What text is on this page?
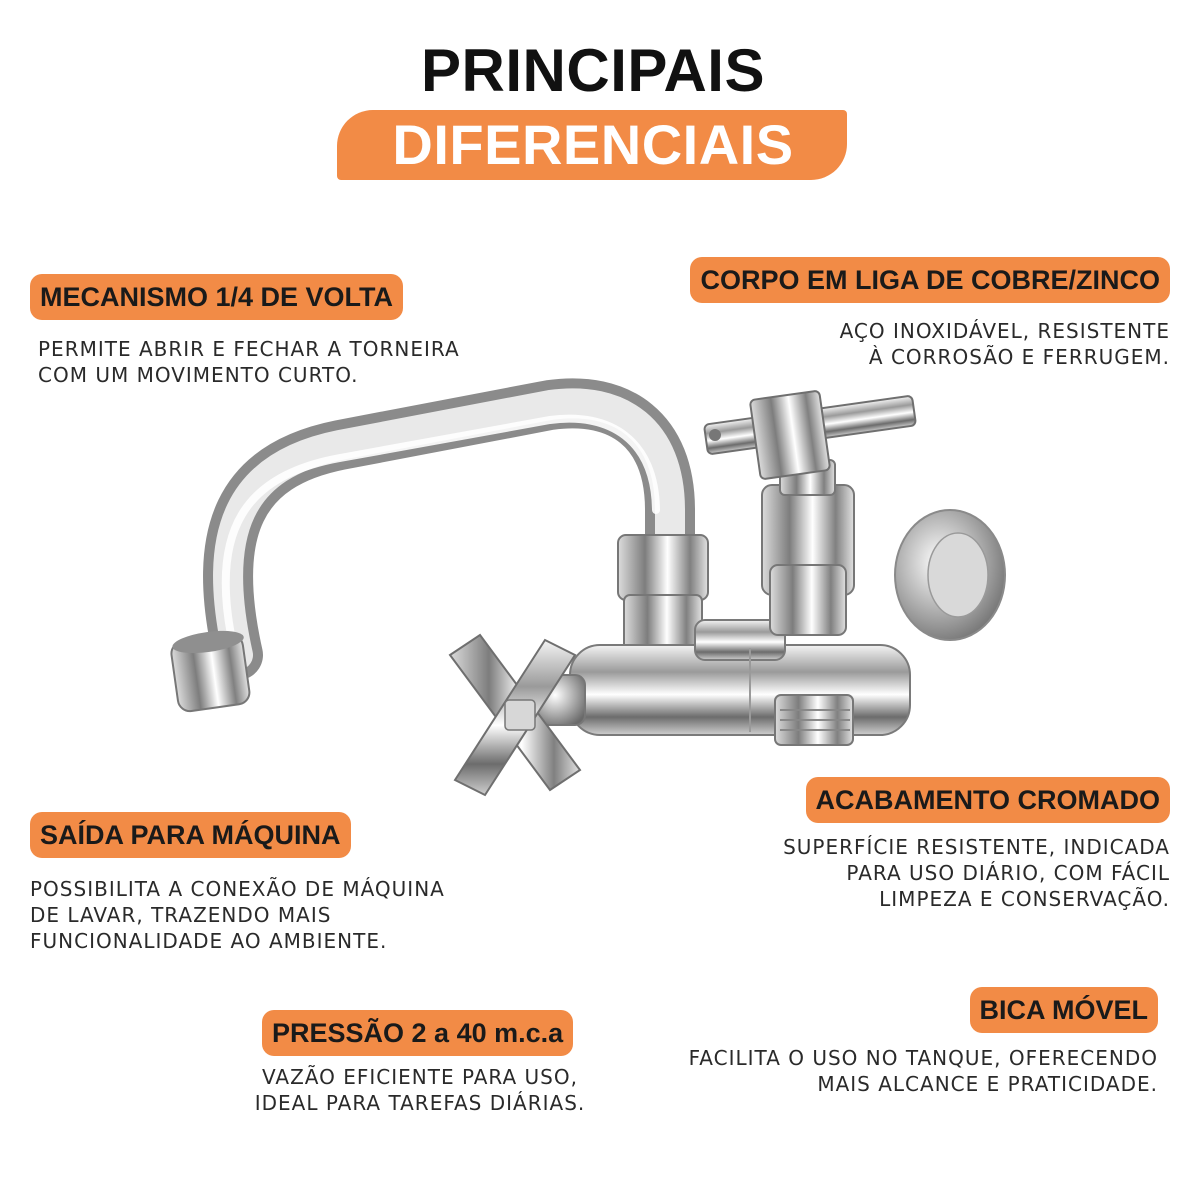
PRINCIPAIS
DIFERENCIAIS
MECANISMO 1/4 DE VOLTA
PERMITE ABRIR E FECHAR A TORNEIRA
COM UM MOVIMENTO CURTO.
CORPO EM LIGA DE COBRE/ZINCO
AÇO INOXIDÁVEL, RESISTENTE
À CORROSÃO E FERRUGEM.
ACABAMENTO CROMADO
SUPERFÍCIE RESISTENTE, INDICADA
PARA USO DIÁRIO, COM FÁCIL
LIMPEZA E CONSERVAÇÃO.
SAÍDA PARA MÁQUINA
POSSIBILITA A CONEXÃO DE MÁQUINA
DE LAVAR, TRAZENDO MAIS
FUNCIONALIDADE AO AMBIENTE.
PRESSÃO 2 a 40 m.c.a
VAZÃO EFICIENTE PARA USO,
IDEAL PARA TAREFAS DIÁRIAS.
BICA MÓVEL
FACILITA O USO NO TANQUE, OFERECENDO
MAIS ALCANCE E PRATICIDADE.
